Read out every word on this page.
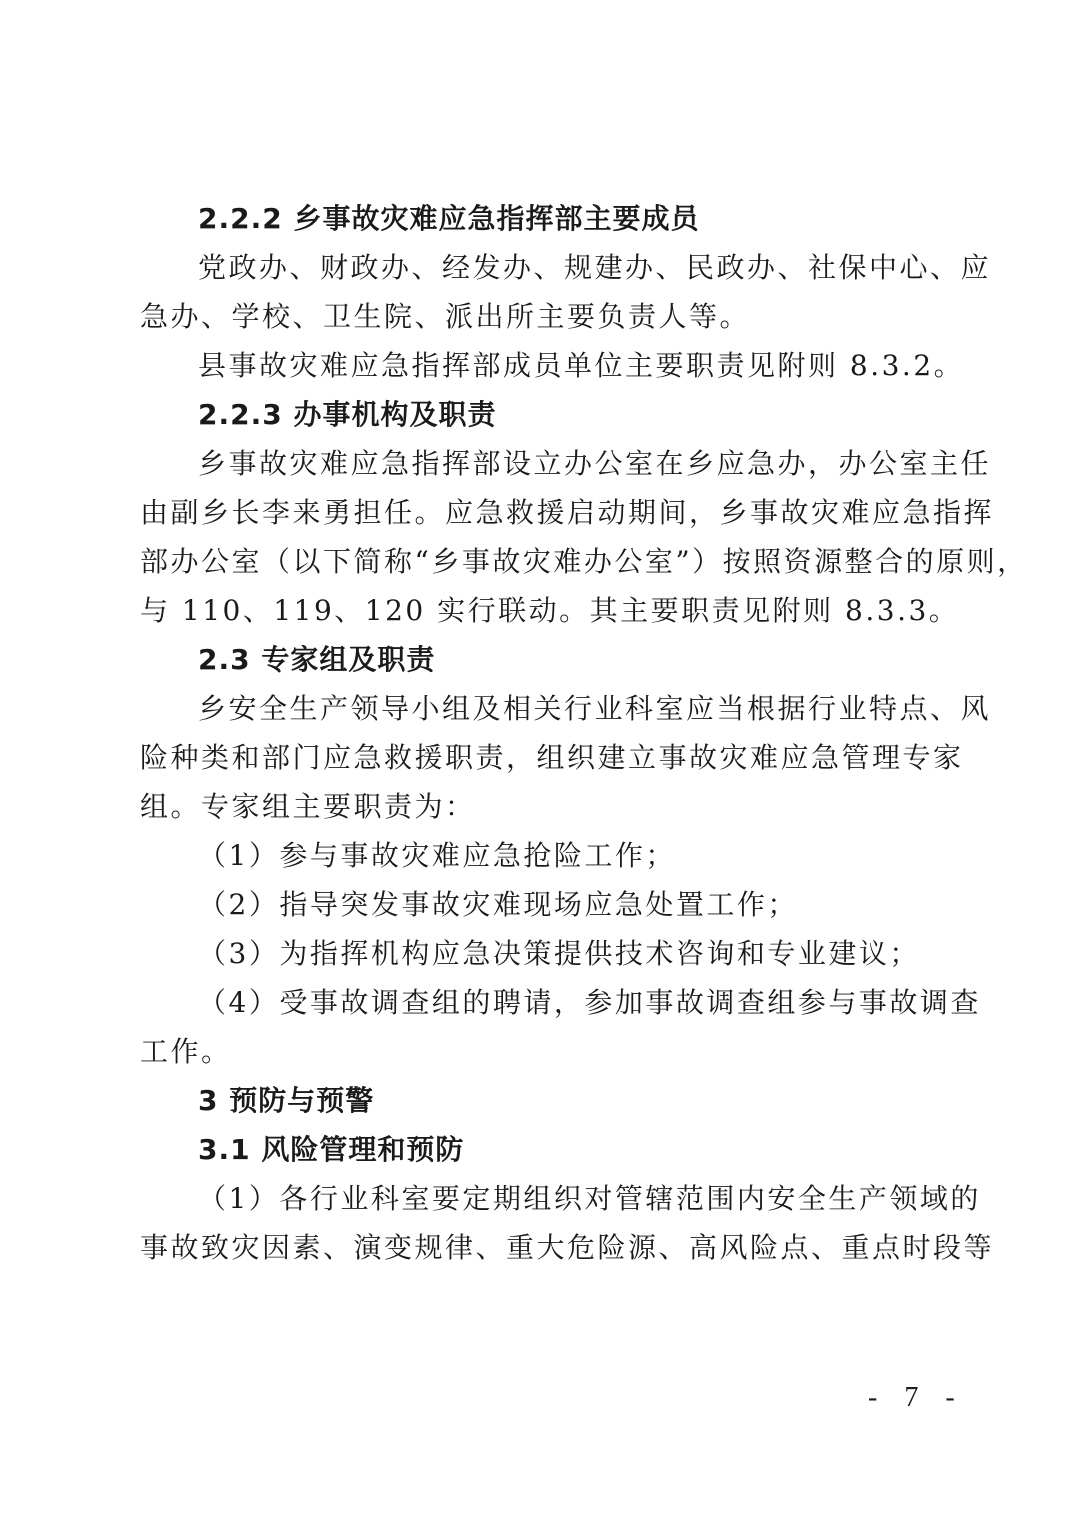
2.2.2 乡事故灾难应急指挥部主要成员

党政办、财政办、经发办、规建办、民政办、社保中心、应

急办、学校、卫生院、派出所主要负责人等。

县事故灾难应急指挥部成员单位主要职责见附则 8.3.2。

2.2.3 办事机构及职责

乡事故灾难应急指挥部设立办公室在乡应急办，办公室主任

由副乡长李来勇担任。应急救援启动期间，乡事故灾难应急指挥

部办公室（以下简称“乡事故灾难办公室”）按照资源整合的原则，

与 110、119、120 实行联动。其主要职责见附则 8.3.3。

2.3 专家组及职责

乡安全生产领导小组及相关行业科室应当根据行业特点、风

险种类和部门应急救援职责，组织建立事故灾难应急管理专家

组。专家组主要职责为：

（1）参与事故灾难应急抢险工作；

（2）指导突发事故灾难现场应急处置工作；

（3）为指挥机构应急决策提供技术咨询和专业建议；

（4）受事故调查组的聘请，参加事故调查组参与事故调查

工作。

3 预防与预警

3.1 风险管理和预防

（1）各行业科室要定期组织对管辖范围内安全生产领域的

事故致灾因素、演变规律、重大危险源、高风险点、重点时段等

- 7 -
